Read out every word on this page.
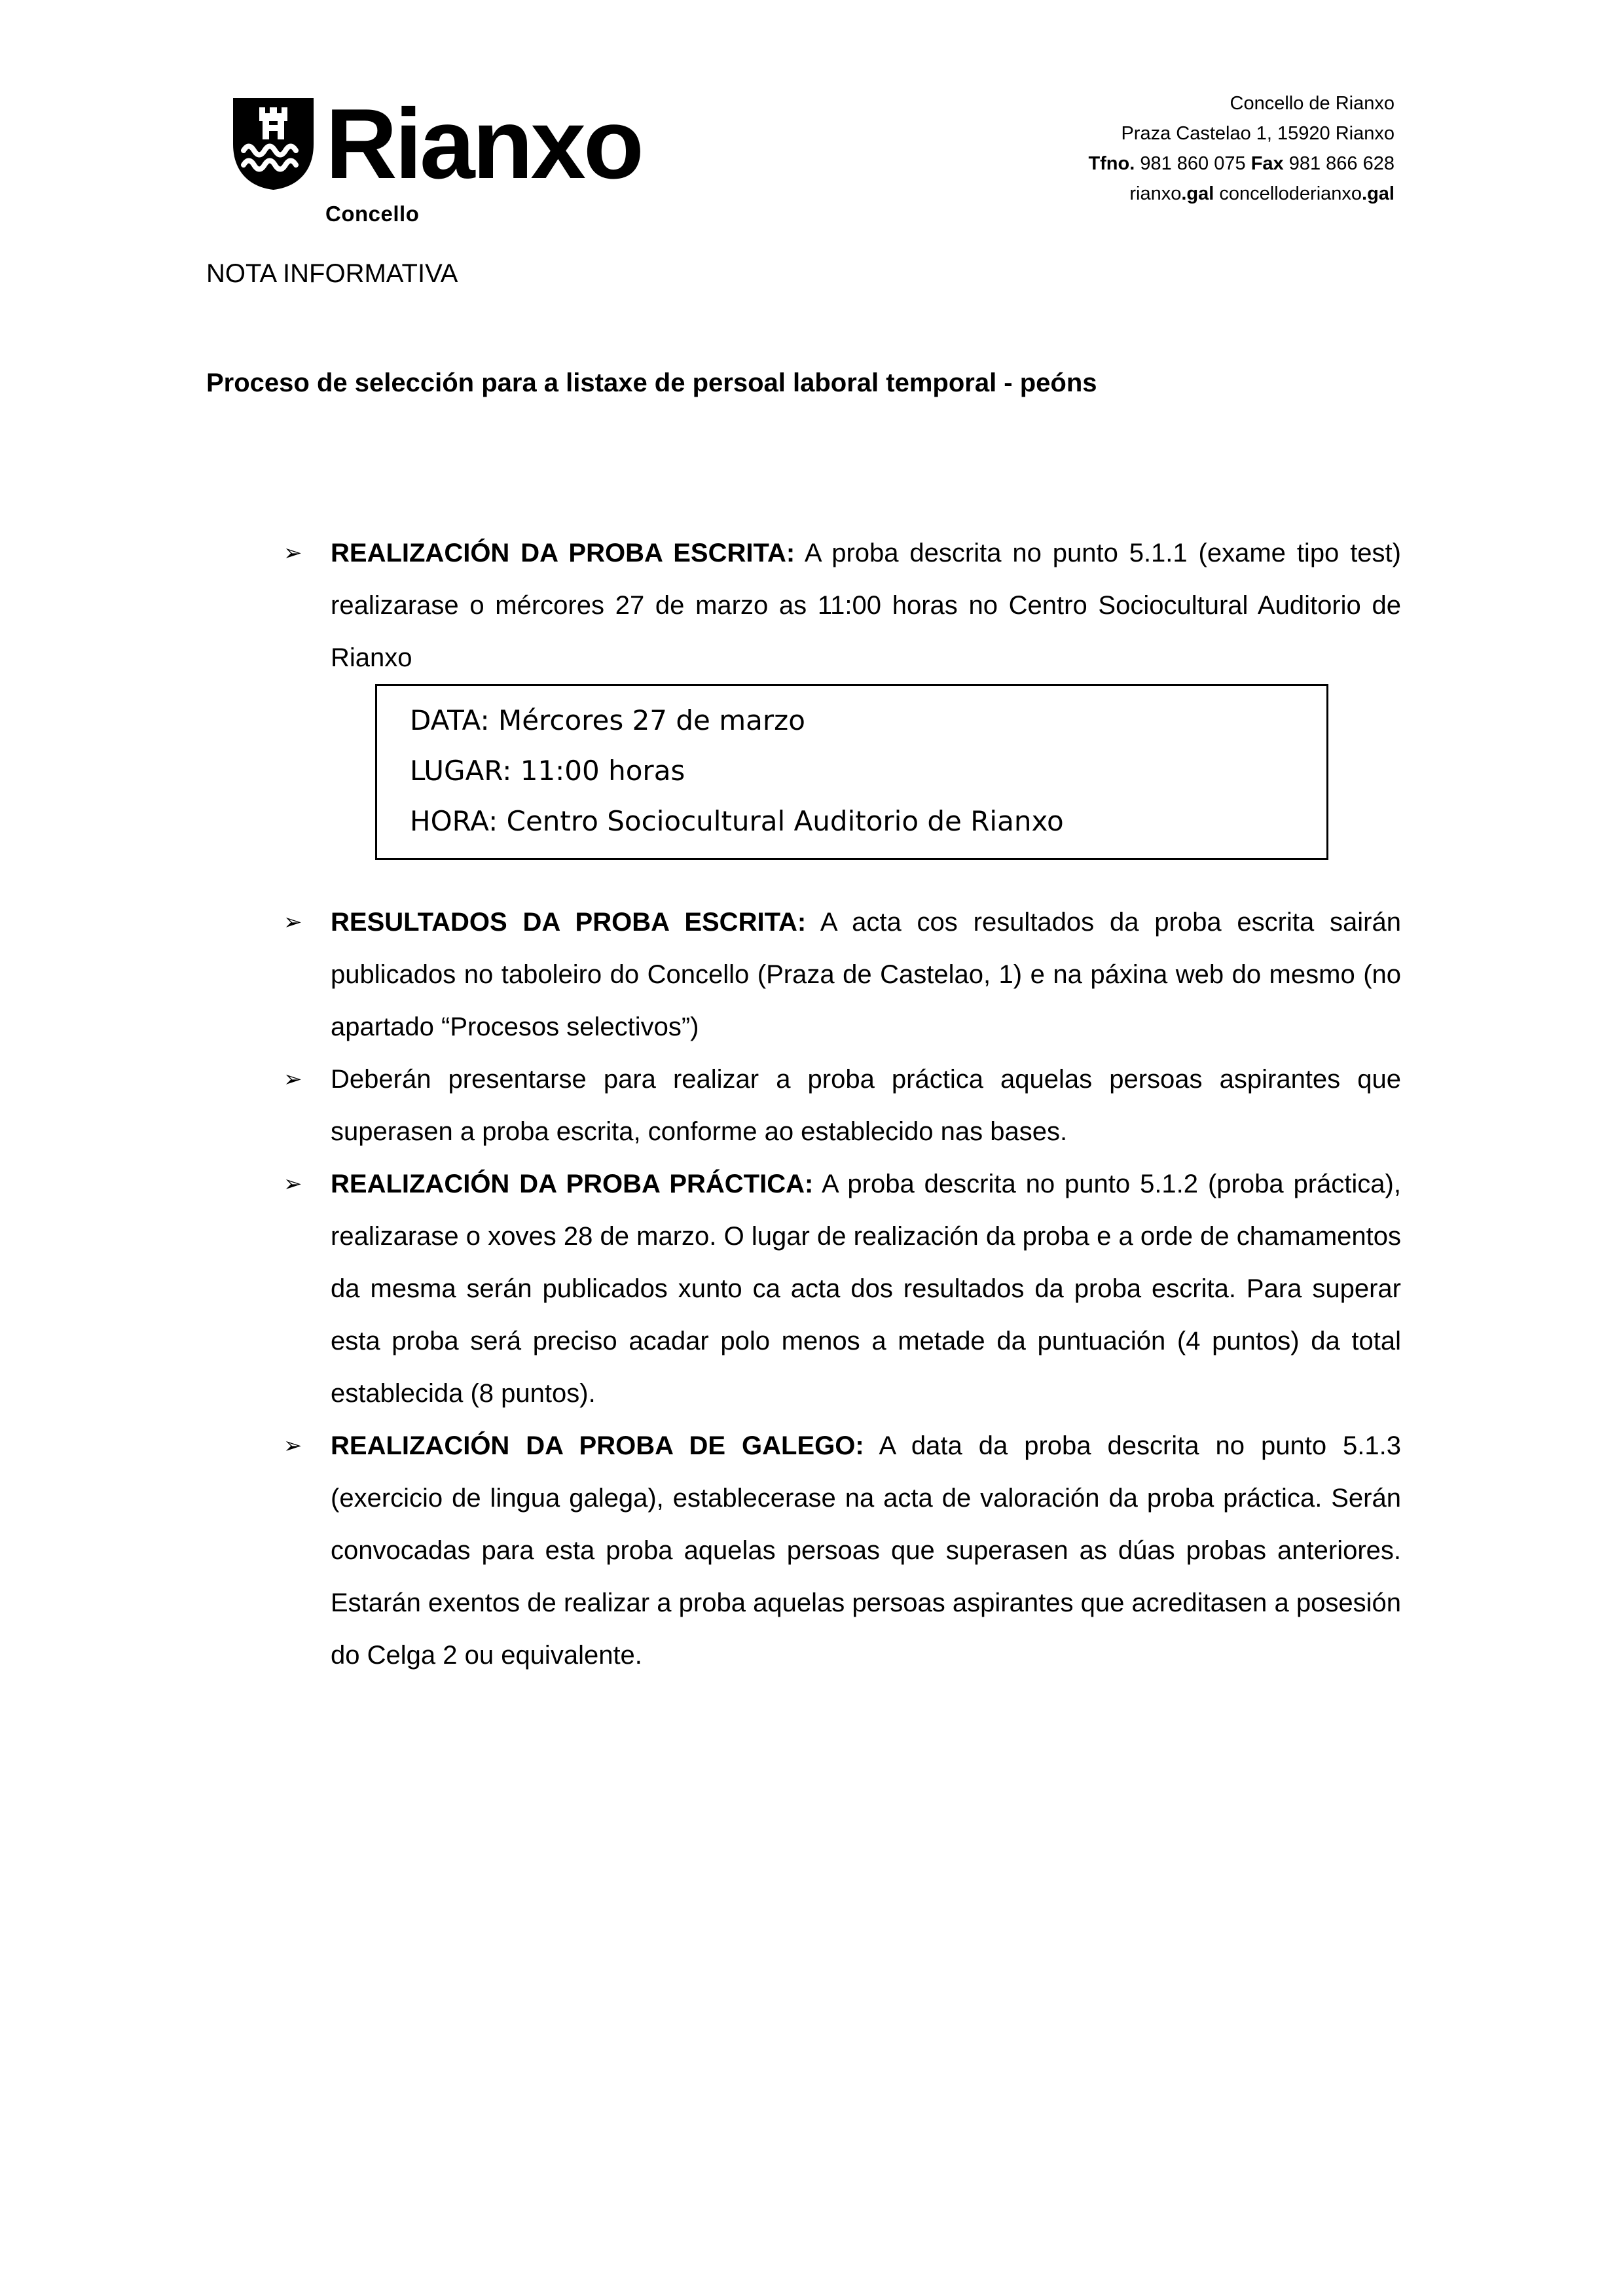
Rianxo
Concello
Concello de Rianxo
Praza Castelao 1, 15920 Rianxo
Tfno. 981 860 075 Fax 981 866 628
rianxo.gal concelloderianxo.gal

NOTA INFORMATIVA

Proceso de selección para a listaxe de persoal laboral temporal - peóns

➢ REALIZACIÓN DA PROBA ESCRITA: A proba descrita no punto 5.1.1 (exame tipo test) realizarase o mércores 27 de marzo as 11:00 horas no Centro Sociocultural Auditorio de Rianxo
DATA: Mércores 27 de marzo
LUGAR: 11:00 horas
HORA: Centro Sociocultural Auditorio de Rianxo
➢ RESULTADOS DA PROBA ESCRITA: A acta cos resultados da proba escrita sairán publicados no taboleiro do Concello (Praza de Castelao, 1) e na páxina web do mesmo (no apartado “Procesos selectivos”)
➢ Deberán presentarse para realizar a proba práctica aquelas persoas aspirantes que superasen a proba escrita, conforme ao establecido nas bases.
➢ REALIZACIÓN DA PROBA PRÁCTICA: A proba descrita no punto 5.1.2 (proba práctica), realizarase o xoves 28 de marzo. O lugar de realización da proba e a orde de chamamentos da mesma serán publicados xunto ca acta dos resultados da proba escrita. Para superar esta proba será preciso acadar polo menos a metade da puntuación (4 puntos) da total establecida (8 puntos).
➢ REALIZACIÓN DA PROBA DE GALEGO: A data da proba descrita no punto 5.1.3 (exercicio de lingua galega), establecerase na acta de valoración da proba práctica. Serán convocadas para esta proba aquelas persoas que superasen as dúas probas anteriores. Estarán exentos de realizar a proba aquelas persoas aspirantes que acreditasen a posesión do Celga 2 ou equivalente.
